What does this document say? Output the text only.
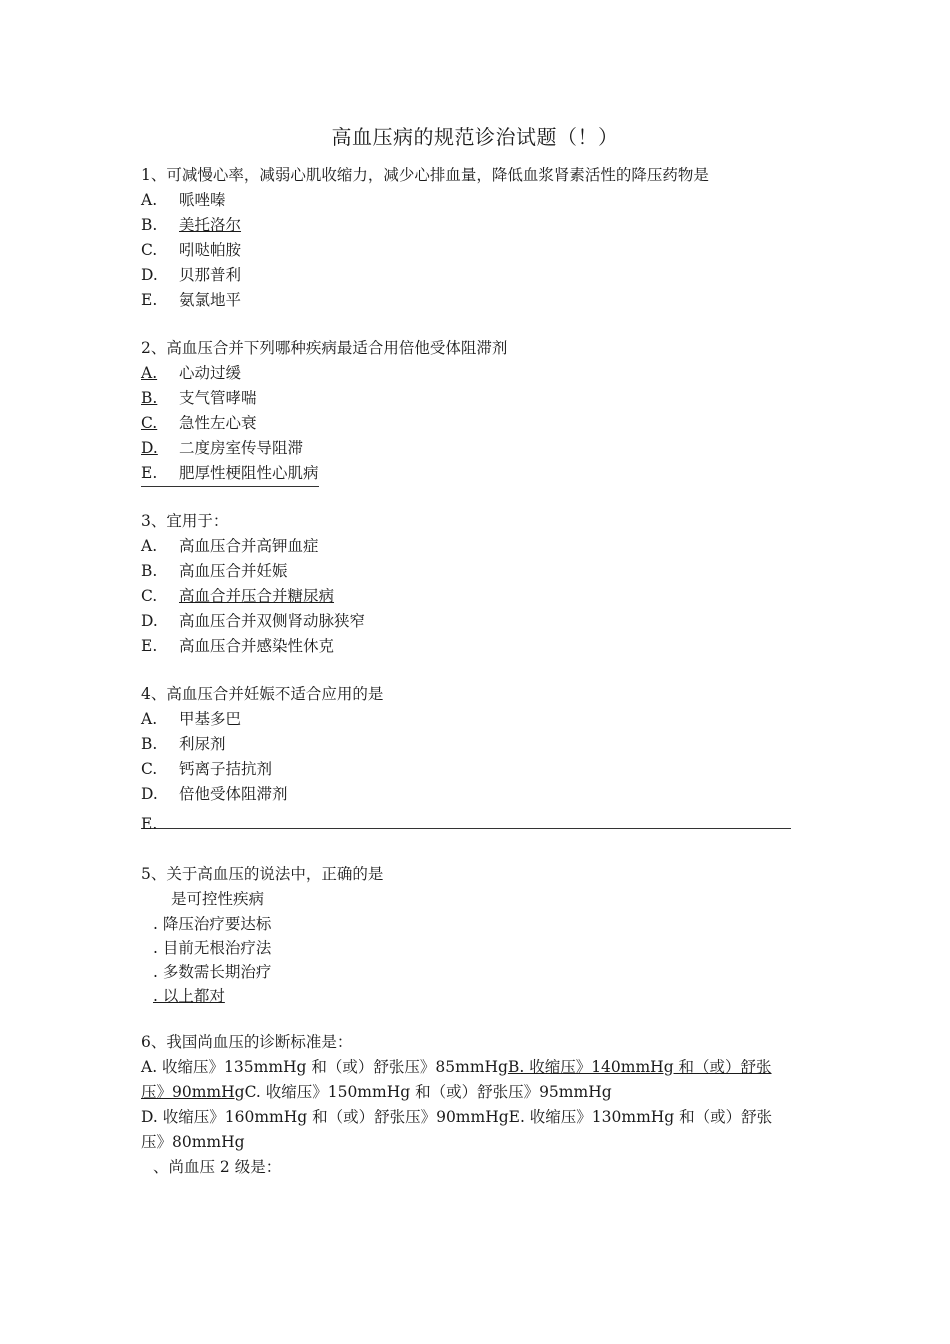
高血压病的规范诊治试题（！）
1、可减慢心率，减弱心肌收缩力，减少心排血量，降低血浆肾素活性的降压药物是
A. 哌唑嗪
B. 美托洛尔
C. 吲哒帕胺
D. 贝那普利
E. 氨氯地平
2、高血压合并下列哪种疾病最适合用倍他受体阻滞剂
A. 心动过缓
B. 支气管哮喘
C. 急性左心衰
D. 二度房室传导阻滞
E. 肥厚性梗阻性心肌病
3、宜用于：
A. 高血压合并高钾血症
B. 高血压合并妊娠
C. 高血合并压合并糖尿病
D. 高血压合并双侧肾动脉狭窄
E. 高血压合并感染性休克
4、高血压合并妊娠不适合应用的是
A. 甲基多巴
B. 利尿剂
C. 钙离子拮抗剂
D. 倍他受体阻滞剂
E.
5、关于高血压的说法中，正确的是
是可控性疾病
. 降压治疗要达标
. 目前无根治疗法
. 多数需长期治疗
. 以上都对
6、我国尚血压的诊断标准是：
A. 收缩压》135mmHg 和（或）舒张压》85mmHgB. 收缩压》140mmHg 和（或）舒张
压》90mmHgC. 收缩压》150mmHg 和（或）舒张压》95mmHg
D. 收缩压》160mmHg 和（或）舒张压》90mmHgE. 收缩压》130mmHg 和（或）舒张
压》80mmHg
、尚血压 2 级是：
